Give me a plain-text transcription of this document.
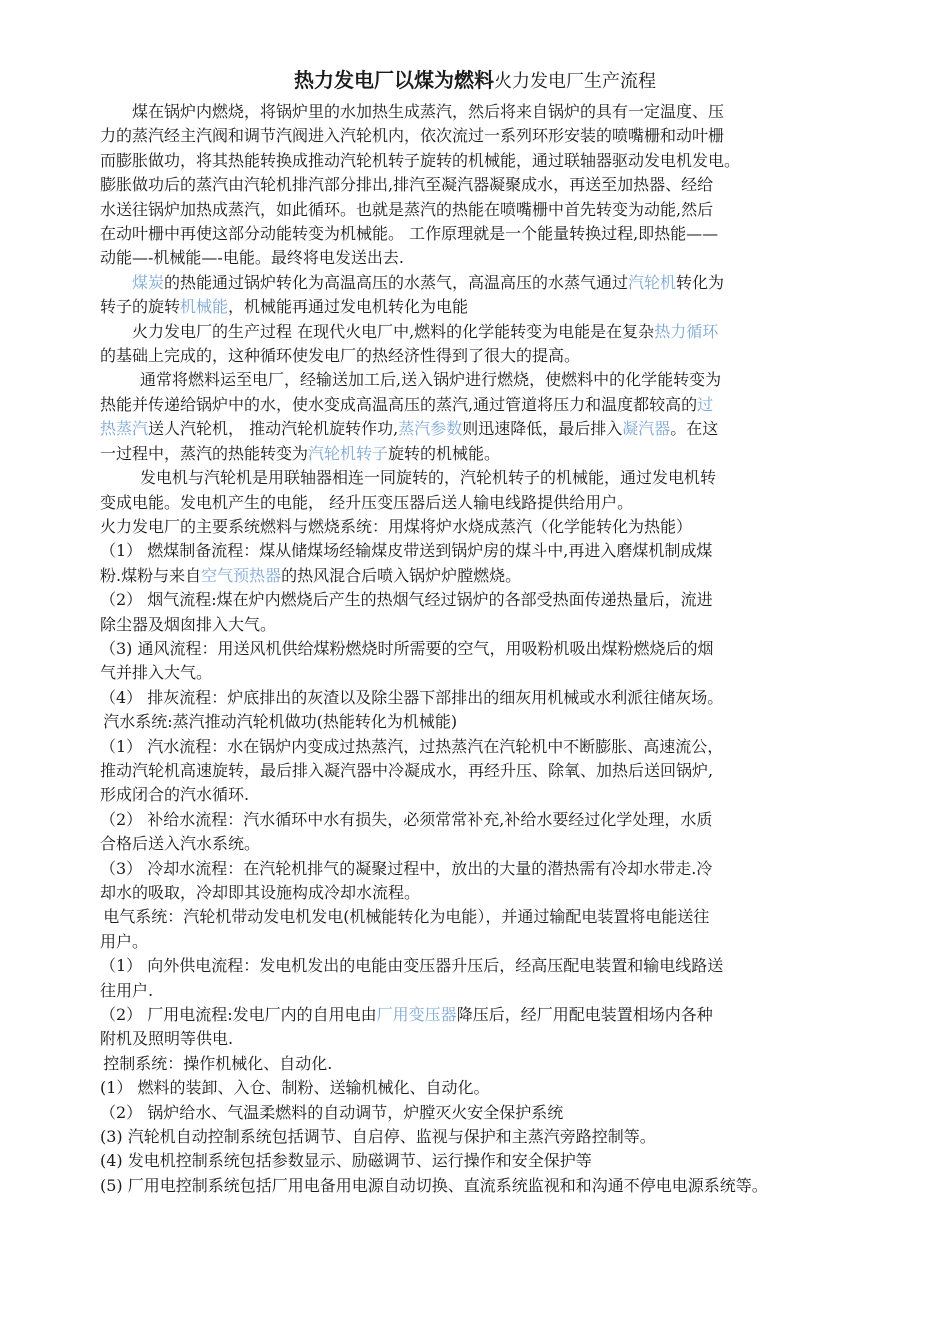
热力发电厂以煤为燃料火力发电厂生产流程
煤在锅炉内燃烧，将锅炉里的水加热生成蒸汽，然后将来自锅炉的具有一定温度、压
力的蒸汽经主汽阀和调节汽阀进入汽轮机内，依次流过一系列环形安装的喷嘴栅和动叶栅
而膨胀做功，将其热能转换成推动汽轮机转子旋转的机械能，通过联轴器驱动发电机发电。
膨胀做功后的蒸汽由汽轮机排汽部分排出,排汽至凝汽器凝聚成水，再送至加热器、经给
水送往锅炉加热成蒸汽，如此循环。也就是蒸汽的热能在喷嘴栅中首先转变为动能,然后
在动叶栅中再使这部分动能转变为机械能。 工作原理就是一个能量转换过程,即热能——
动能—-机械能—-电能。最终将电发送出去.
煤炭的热能通过锅炉转化为高温高压的水蒸气，高温高压的水蒸气通过汽轮机转化为
转子的旋转机械能，机械能再通过发电机转化为电能
火力发电厂的生产过程 在现代火电厂中,燃料的化学能转变为电能是在复杂热力循环
的基础上完成的，这种循环使发电厂的热经济性得到了很大的提高。
通常将燃料运至电厂，经输送加工后,送入锅炉进行燃烧，使燃料中的化学能转变为
热能并传递给锅炉中的水，使水变成高温高压的蒸汽,通过管道将压力和温度都较高的过
热蒸汽送人汽轮机， 推动汽轮机旋转作功,蒸汽参数则迅速降低，最后排入凝汽器。在这
一过程中，蒸汽的热能转变为汽轮机转子旋转的机械能。
发电机与汽轮机是用联轴器相连一同旋转的，汽轮机转子的机械能，通过发电机转
变成电能。发电机产生的电能， 经升压变压器后送人输电线路提供给用户。
火力发电厂的主要系统燃料与燃烧系统：用煤将炉水烧成蒸汽（化学能转化为热能）
（1） 燃煤制备流程：煤从储煤场经输煤皮带送到锅炉房的煤斗中,再进入磨煤机制成煤
粉.煤粉与来自空气预热器的热风混合后喷入锅炉炉膛燃烧。
（2） 烟气流程:煤在炉内燃烧后产生的热烟气经过锅炉的各部受热面传递热量后，流进
除尘器及烟囱排入大气。
（3) 通风流程：用送风机供给煤粉燃烧时所需要的空气，用吸粉机吸出煤粉燃烧后的烟
气并排入大气。
（4） 排灰流程：炉底排出的灰渣以及除尘器下部排出的细灰用机械或水利派往储灰场。
汽水系统:蒸汽推动汽轮机做功(热能转化为机械能)
（1） 汽水流程：水在锅炉内变成过热蒸汽，过热蒸汽在汽轮机中不断膨胀、高速流公，
推动汽轮机高速旋转，最后排入凝汽器中冷凝成水，再经升压、除氧、加热后送回锅炉,
形成闭合的汽水循环.
（2） 补给水流程：汽水循环中水有损失，必须常常补充,补给水要经过化学处理，水质
合格后送入汽水系统。
（3） 冷却水流程：在汽轮机排气的凝聚过程中，放出的大量的潜热需有冷却水带走.冷
却水的吸取，冷却即其设施构成冷却水流程。
电气系统：汽轮机带动发电机发电(机械能转化为电能），并通过输配电装置将电能送往
用户。
（1） 向外供电流程：发电机发出的电能由变压器升压后，经高压配电装置和输电线路送
往用户.
（2） 厂用电流程:发电厂内的自用电由厂用变压器降压后，经厂用配电装置相场内各种
附机及照明等供电.
控制系统：操作机械化、自动化.
(1） 燃料的装卸、入仓、制粉、送输机械化、自动化。
（2） 锅炉给水、气温柔燃料的自动调节，炉膛灭火安全保护系统
(3) 汽轮机自动控制系统包括调节、自启停、监视与保护和主蒸汽旁路控制等。
(4) 发电机控制系统包括参数显示、励磁调节、运行操作和安全保护等
(5) 厂用电控制系统包括厂用电备用电源自动切换、直流系统监视和和沟通不停电电源系统等。
